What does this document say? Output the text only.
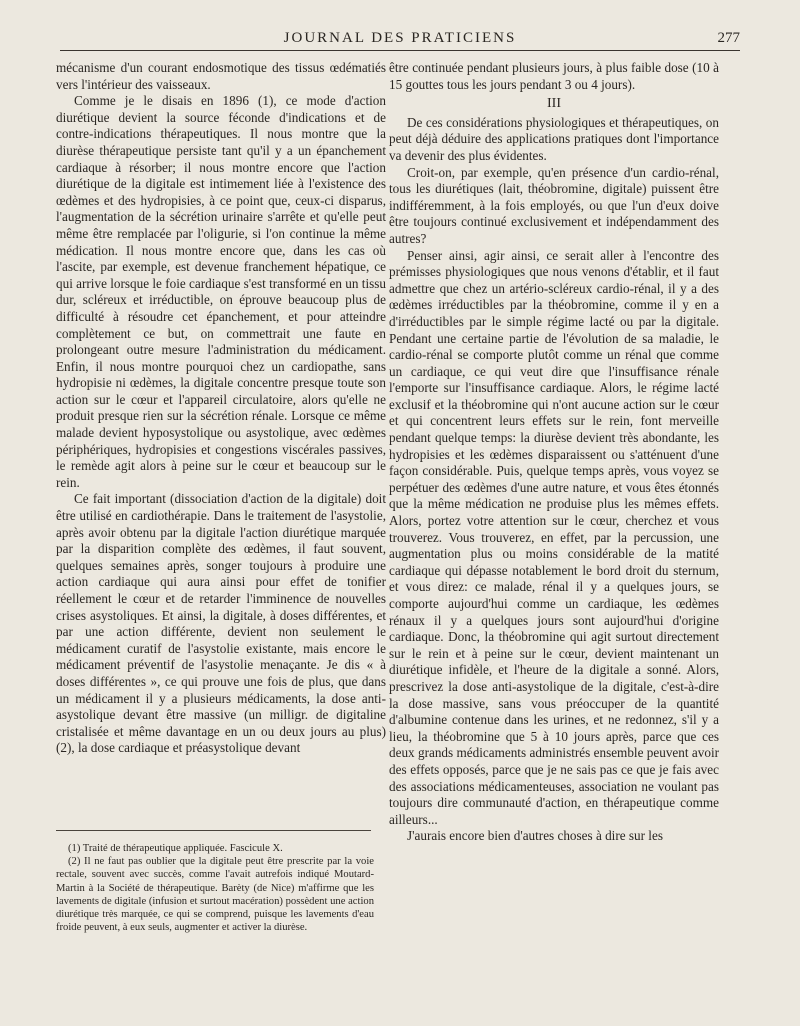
JOURNAL DES PRATICIENS	277

mécanisme d'un courant endosmotique des tissus œdématiés vers l'intérieur des vaisseaux.

Comme je le disais en 1896 (1), ce mode d'action diurétique devient la source féconde d'indications et de contre-indications thérapeutiques. Il nous montre que la diurèse thérapeutique persiste tant qu'il y a un épanchement cardiaque à résorber; il nous montre encore que l'action diurétique de la digitale est intimement liée à l'existence des œdèmes et des hydropisies, à ce point que, ceux-ci disparus, l'augmentation de la sécrétion urinaire s'arrête et qu'elle peut même être remplacée par l'oligurie, si l'on continue la même médication. Il nous montre encore que, dans les cas où l'ascite, par exemple, est devenue franchement hépatique, ce qui arrive lorsque le foie cardiaque s'est transformé en un tissu dur, scléreux et irréductible, on éprouve beaucoup plus de difficulté à résoudre cet épanchement, et pour atteindre complètement ce but, on commettrait une faute en prolongeant outre mesure l'administration du médicament. Enfin, il nous montre pourquoi chez un cardiopathe, sans hydropisie ni œdèmes, la digitale concentre presque toute son action sur le cœur et l'appareil circulatoire, alors qu'elle ne produit presque rien sur la sécrétion rénale. Lorsque ce même malade devient hyposystolique ou asystolique, avec œdèmes périphériques, hydropisies et congestions viscérales passives, le remède agit alors à peine sur le cœur et beaucoup sur le rein.

Ce fait important (dissociation d'action de la digitale) doit être utilisé en cardiothérapie. Dans le traitement de l'asystolie, après avoir obtenu par la digitale l'action diurétique marquée par la disparition complète des œdèmes, il faut souvent, quelques semaines après, songer toujours à produire une action cardiaque qui aura ainsi pour effet de tonifier réellement le cœur et de retarder l'imminence de nouvelles crises asystoliques. Et ainsi, la digitale, à doses différentes, et par une action différente, devient non seulement le médicament curatif de l'asystolie existante, mais encore le médicament préventif de l'asystolie menaçante. Je dis « à doses différentes », ce qui prouve une fois de plus, que dans un médicament il y a plusieurs médicaments, la dose anti-asystolique devant être massive (un milligr. de digitaline cristalisée et même davantage en un ou deux jours au plus) (2), la dose cardiaque et préasystolique devant

(1) Traité de thérapeutique appliquée. Fascicule X.

(2) Il ne faut pas oublier que la digitale peut être prescrite par la voie rectale, souvent avec succès, comme l'avait autrefois indiqué Moutard-Martin à la Société de thérapeutique. Barèty (de Nice) m'affirme que les lavements de digitale (infusion et surtout macération) possèdent une action diurétique très marquée, ce qui se comprend, puisque les lavements d'eau froide peuvent, à eux seuls, augmenter et activer la diurèse.

être continuée pendant plusieurs jours, à plus faible dose (10 à 15 gouttes tous les jours pendant 3 ou 4 jours).

III

De ces considérations physiologiques et thérapeutiques, on peut déjà déduire des applications pratiques dont l'importance va devenir des plus évidentes.

Croit-on, par exemple, qu'en présence d'un cardio-rénal, tous les diurétiques (lait, théobromine, digitale) puissent être indifféremment, à la fois employés, ou que l'un d'eux doive être toujours continué exclusivement et indépendamment des autres?

Penser ainsi, agir ainsi, ce serait aller à l'encontre des prémisses physiologiques que nous venons d'établir, et il faut admettre que chez un artério-scléreux cardio-rénal, il y a des œdèmes irréductibles par la théobromine, comme il y en a d'irréductibles par le simple régime lacté ou par la digitale. Pendant une certaine partie de l'évolution de sa maladie, le cardio-rénal se comporte plutôt comme un rénal que comme un cardiaque, ce qui veut dire que l'insuffisance rénale l'emporte sur l'insuffisance cardiaque. Alors, le régime lacté exclusif et la théobromine qui n'ont aucune action sur le cœur et qui concentrent leurs effets sur le rein, font merveille pendant quelque temps: la diurèse devient très abondante, les hydropisies et les œdèmes disparaissent ou s'atténuent d'une façon considérable. Puis, quelque temps après, vous voyez se perpétuer des œdèmes d'une autre nature, et vous êtes étonnés que la même médication ne produise plus les mêmes effets. Alors, portez votre attention sur le cœur, cherchez et vous trouverez. Vous trouverez, en effet, par la percussion, une augmentation plus ou moins considérable de la matité cardiaque qui dépasse notablement le bord droit du sternum, et vous direz: ce malade, rénal il y a quelques jours, se comporte aujourd'hui comme un cardiaque, les œdèmes rénaux il y a quelques jours sont aujourd'hui d'origine cardiaque. Donc, la théobromine qui agit surtout directement sur le rein et à peine sur le cœur, devient maintenant un diurétique infidèle, et l'heure de la digitale a sonné. Alors, prescrivez la dose anti-asystolique de la digitale, c'est-à-dire la dose massive, sans vous préoccuper de la quantité d'albumine contenue dans les urines, et ne redonnez, s'il y a lieu, la théobromine que 5 à 10 jours après, parce que ces deux grands médicaments administrés ensemble peuvent avoir des effets opposés, parce que je ne sais pas ce que je fais avec des associations médicamenteuses, association ne voulant pas toujours dire communauté d'action, en thérapeutique comme ailleurs...

J'aurais encore bien d'autres choses à dire sur les
